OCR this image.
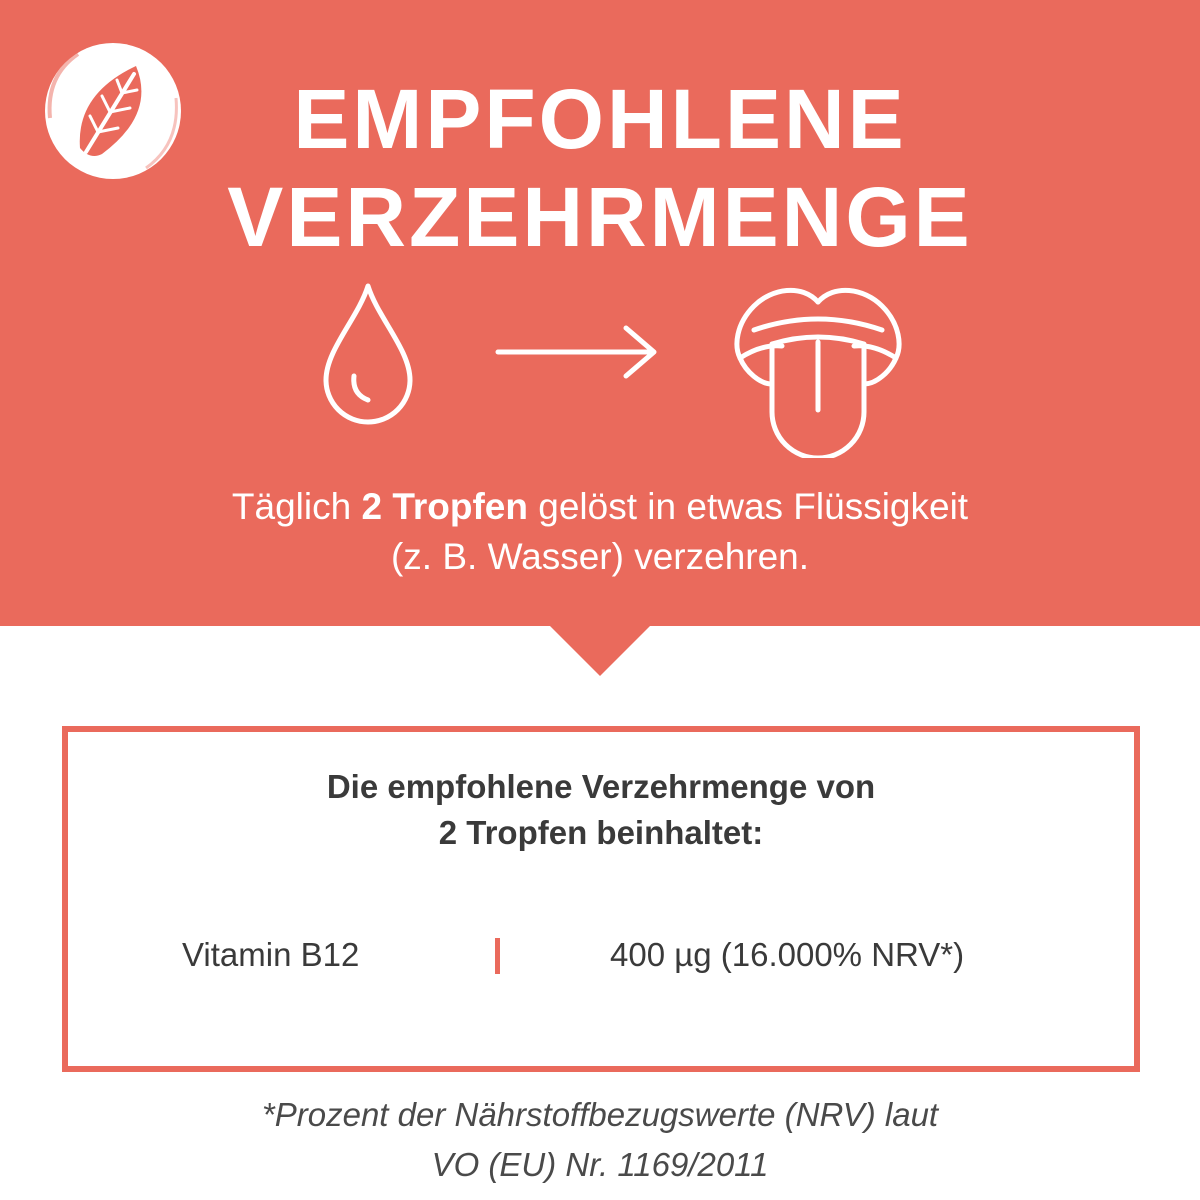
EMPFOHLENE
VERZEHRMENGE
Täglich 2 Tropfen gelöst in etwas Flüssigkeit
(z. B. Wasser) verzehren.
Die empfohlene Verzehrmenge von
2 Tropfen beinhaltet:
Vitamin B12	400 µg (16.000% NRV*)
*Prozent der Nährstoffbezugswerte (NRV) laut
VO (EU) Nr. 1169/2011
